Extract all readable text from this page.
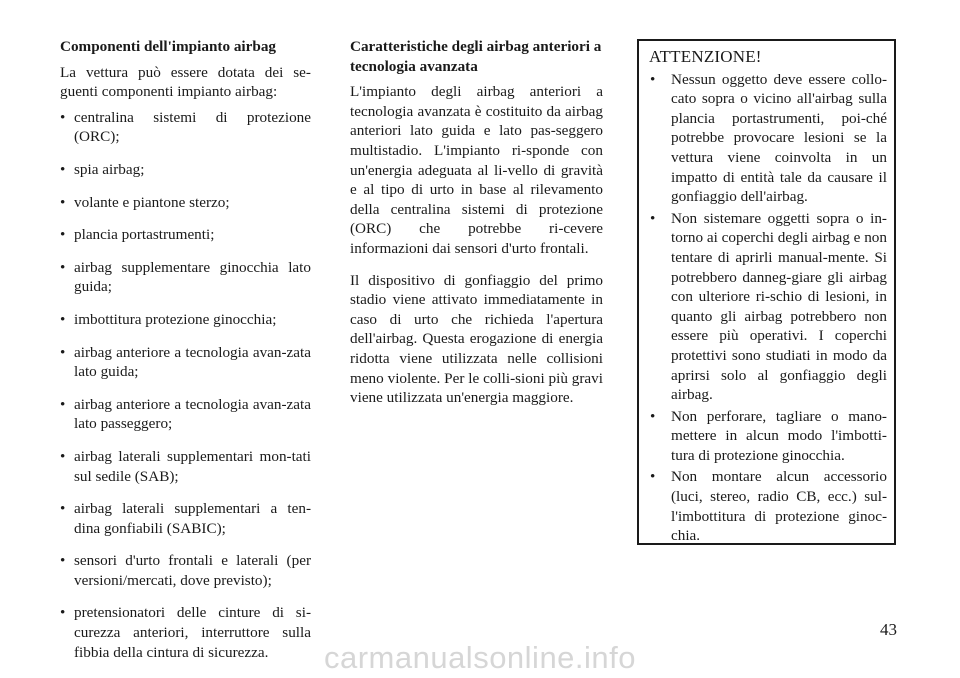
Componenti dell'impianto airbag
La vettura può essere dotata dei se-guenti componenti impianto airbag:
• centralina sistemi di protezione (ORC);
• spia airbag;
• volante e piantone sterzo;
• plancia portastrumenti;
• airbag supplementare ginocchia lato guida;
• imbottitura protezione ginocchia;
• airbag anteriore a tecnologia avan-zata lato guida;
• airbag anteriore a tecnologia avan-zata lato passeggero;
• airbag laterali supplementari mon-tati sul sedile (SAB);
• airbag laterali supplementari a ten-dina gonfiabili (SABIC);
• sensori d'urto frontali e laterali (per versioni/mercati, dove previsto);
• pretensionatori delle cinture di si-curezza anteriori, interruttore sulla fibbia della cintura di sicurezza.
Caratteristiche degli airbag anteriori a tecnologia avanzata
L'impianto degli airbag anteriori a tecnologia avanzata è costituito da airbag anteriori lato guida e lato pas-seggero multistadio. L'impianto ri-sponde con un'energia adeguata al li-vello di gravità e al tipo di urto in base al rilevamento della centralina sistemi di protezione (ORC) che potrebbe ri-cevere informazioni dai sensori d'urto frontali.
Il dispositivo di gonfiaggio del primo stadio viene attivato immediatamente in caso di urto che richieda l'apertura dell'airbag. Questa erogazione di energia ridotta viene utilizzata nelle collisioni meno violente. Per le colli-sioni più gravi viene utilizzata un'energia maggiore.
ATTENZIONE!
• Nessun oggetto deve essere collo-cato sopra o vicino all'airbag sulla plancia portastrumenti, poi-ché potrebbe provocare lesioni se la vettura viene coinvolta in un impatto di entità tale da causare il gonfiaggio dell'airbag.
• Non sistemare oggetti sopra o in-torno ai coperchi degli airbag e non tentare di aprirli manual-mente. Si potrebbero danneg-giare gli airbag con ulteriore ri-schio di lesioni, in quanto gli airbag potrebbero non essere più operativi. I coperchi protettivi sono studiati in modo da aprirsi solo al gonfiaggio degli airbag.
• Non perforare, tagliare o mano-mettere in alcun modo l'imbotti-tura di protezione ginocchia.
• Non montare alcun accessorio (luci, stereo, radio CB, ecc.) sul-l'imbottitura di protezione ginoc-chia.
43
carmanualsonline.info
